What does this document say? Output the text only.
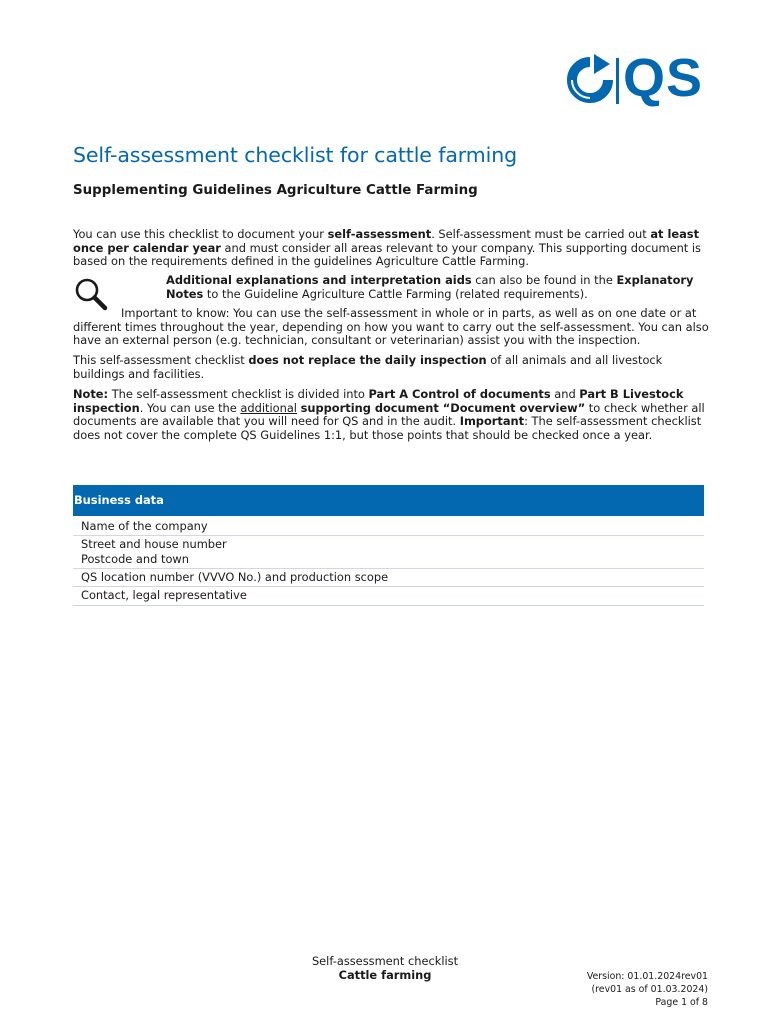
QS
Self-assessment checklist for cattle farming
Supplementing Guidelines Agriculture Cattle Farming

You can use this checklist to document your self-assessment. Self-assessment must be carried out at least once per calendar year and must consider all areas relevant to your company. This supporting document is based on the requirements defined in the guidelines Agriculture Cattle Farming.

Additional explanations and interpretation aids can also be found in the Explanatory Notes to the Guideline Agriculture Cattle Farming (related requirements).

Important to know: You can use the self-assessment in whole or in parts, as well as on one date or at different times throughout the year, depending on how you want to carry out the self-assessment. You can also have an external person (e.g. technician, consultant or veterinarian) assist you with the inspection.

This self-assessment checklist does not replace the daily inspection of all animals and all livestock buildings and facilities.

Note: The self-assessment checklist is divided into Part A Control of documents and Part B Livestock inspection. You can use the additional supporting document “Document overview” to check whether all documents are available that you will need for QS and in the audit. Important: The self-assessment checklist does not cover the complete QS Guidelines 1:1, but those points that should be checked once a year.

Business data
Name of the company
Street and house number
Postcode and town
QS location number (VVVO No.) and production scope
Contact, legal representative
Self-assessment checklist
Cattle farming	Version: 01.01.2024rev01
(rev01 as of 01.03.2024)
Page 1 of 8
